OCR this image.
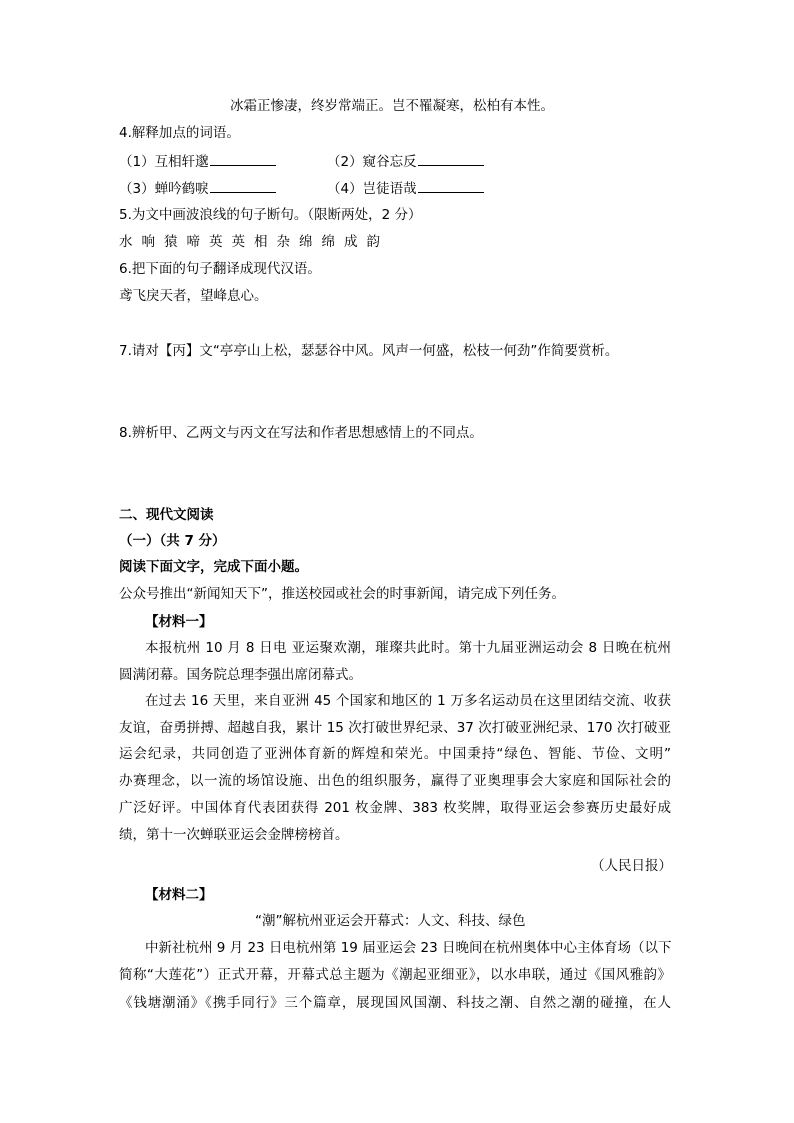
冰霜正惨凄，终岁常端正。岂不罹凝寒，松柏有本性。
4.解释加点的词语。
（1）互相轩邈	（2）窥谷忘反
（3）蝉吟鹤唳	（4）岂徒语哉
5.为文中画波浪线的句子断句。（限断两处，2 分）
水响猿啼英英相杂绵绵成韵
6.把下面的句子翻译成现代汉语。
鸢飞戾天者，望峰息心。
7.请对【丙】文“亭亭山上松，瑟瑟谷中风。风声一何盛，松枝一何劲”作简要赏析。
8.辨析甲、乙两文与丙文在写法和作者思想感情上的不同点。
二、现代文阅读
（一）（共 7 分）
阅读下面文字，完成下面小题。
公众号推出“新闻知天下”，推送校园或社会的时事新闻，请完成下列任务。
【材料一】
本报杭州 10 月 8 日电 亚运聚欢潮，璀璨共此时。第十九届亚洲运动会 8 日晚在杭州
圆满闭幕。国务院总理李强出席闭幕式。
在过去 16 天里，来自亚洲 45 个国家和地区的 1 万多名运动员在这里团结交流、收获
友谊，奋勇拼搏、超越自我，累计 15 次打破世界纪录、37 次打破亚洲纪录、170 次打破亚
运会纪录，共同创造了亚洲体育新的辉煌和荣光。中国秉持“绿色、智能、节俭、文明”
办赛理念，以一流的场馆设施、出色的组织服务，赢得了亚奥理事会大家庭和国际社会的
广泛好评。中国体育代表团获得 201 枚金牌、383 枚奖牌，取得亚运会参赛历史最好成
绩，第十一次蝉联亚运会金牌榜榜首。
（人民日报）
【材料二】
“潮”解杭州亚运会开幕式：人文、科技、绿色
中新社杭州 9 月 23 日电杭州第 19 届亚运会 23 日晚间在杭州奥体中心主体育场（以下
简称“大莲花”）正式开幕，开幕式总主题为《潮起亚细亚》，以水串联，通过《国风雅韵》
《钱塘潮涌》《携手同行》三个篇章，展现国风国潮、科技之潮、自然之潮的碰撞，在人
